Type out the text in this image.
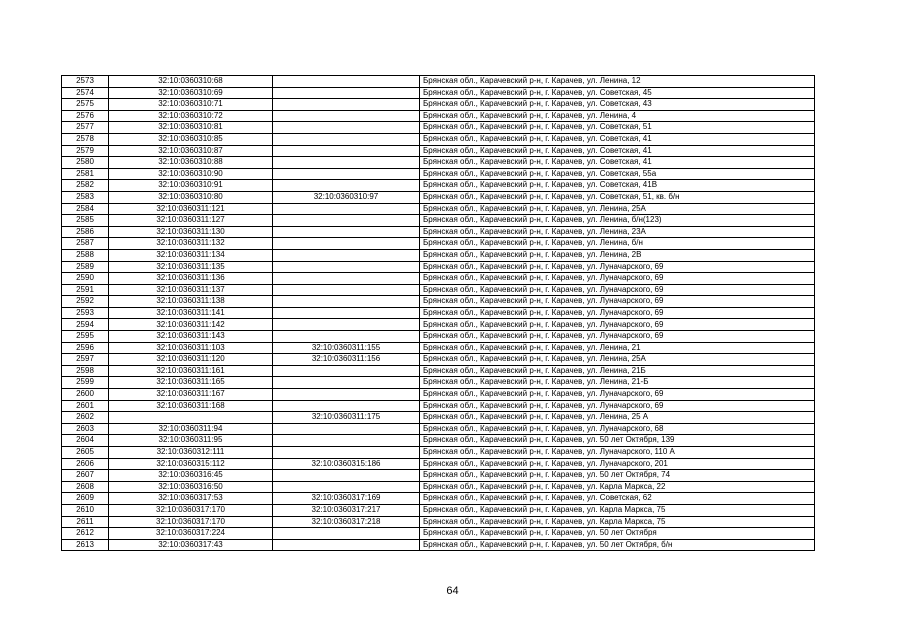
2573	32:10:0360310:68		Брянская обл., Карачевский р-н, г. Карачев, ул. Ленина, 12
2574	32:10:0360310:69		Брянская обл., Карачевский р-н, г. Карачев, ул. Советская, 45
2575	32:10:0360310:71		Брянская обл., Карачевский р-н, г. Карачев, ул. Советская, 43
2576	32:10:0360310:72		Брянская обл., Карачевский р-н, г. Карачев, ул. Ленина, 4
2577	32:10:0360310:81		Брянская обл., Карачевский р-н, г. Карачев, ул. Советская, 51
2578	32:10:0360310:85		Брянская обл., Карачевский р-н, г. Карачев, ул. Советская, 41
2579	32:10:0360310:87		Брянская обл., Карачевский р-н, г. Карачев, ул. Советская, 41
2580	32:10:0360310:88		Брянская обл., Карачевский р-н, г. Карачев, ул. Советская, 41
2581	32:10:0360310:90		Брянская обл., Карачевский р-н, г. Карачев, ул. Советская, 55а
2582	32:10:0360310:91		Брянская обл., Карачевский р-н, г. Карачев, ул. Советская, 41В
2583	32:10:0360310:80	32:10:0360310:97	Брянская обл., Карачевский р-н, г. Карачев, ул. Советская, 51, кв. б/н
2584	32:10:0360311:121		Брянская обл., Карачевский р-н, г. Карачев, ул. Ленина, 25А
2585	32:10:0360311:127		Брянская обл., Карачевский р-н, г. Карачев, ул. Ленина, б/н(123)
2586	32:10:0360311:130		Брянская обл., Карачевский р-н, г. Карачев, ул. Ленина, 23А
2587	32:10:0360311:132		Брянская обл., Карачевский р-н, г. Карачев, ул. Ленина, б/н
2588	32:10:0360311:134		Брянская обл., Карачевский р-н, г. Карачев, ул. Ленина, 2В
2589	32:10:0360311:135		Брянская обл., Карачевский р-н, г. Карачев, ул. Луначарского, 69
2590	32:10:0360311:136		Брянская обл., Карачевский р-н, г. Карачев, ул. Луначарского, 69
2591	32:10:0360311:137		Брянская обл., Карачевский р-н, г. Карачев, ул. Луначарского, 69
2592	32:10:0360311:138		Брянская обл., Карачевский р-н, г. Карачев, ул. Луначарского, 69
2593	32:10:0360311:141		Брянская обл., Карачевский р-н, г. Карачев, ул. Луначарского, 69
2594	32:10:0360311:142		Брянская обл., Карачевский р-н, г. Карачев, ул. Луначарского, 69
2595	32:10:0360311:143		Брянская обл., Карачевский р-н, г. Карачев, ул. Луначарского, 69
2596	32:10:0360311:103	32:10:0360311:155	Брянская обл., Карачевский р-н, г. Карачев, ул. Ленина, 21
2597	32:10:0360311:120	32:10:0360311:156	Брянская обл., Карачевский р-н, г. Карачев, ул. Ленина, 25А
2598	32:10:0360311:161		Брянская обл., Карачевский р-н, г. Карачев, ул. Ленина, 21Б
2599	32:10:0360311:165		Брянская обл., Карачевский р-н, г. Карачев, ул. Ленина, 21-Б
2600	32:10:0360311:167		Брянская обл., Карачевский р-н, г. Карачев, ул. Луначарского, 69
2601	32:10:0360311:168		Брянская обл., Карачевский р-н, г. Карачев, ул. Луначарского, 69
2602		32:10:0360311:175	Брянская обл., Карачевский р-н, г. Карачев, ул. Ленина, 25 А
2603	32:10:0360311:94		Брянская обл., Карачевский р-н, г. Карачев, ул. Луначарского, 68
2604	32:10:0360311:95		Брянская обл., Карачевский р-н, г. Карачев, ул. 50 лет Октября, 139
2605	32:10:0360312:111		Брянская обл., Карачевский р-н, г. Карачев, ул. Луначарского, 110 А
2606	32:10:0360315:112	32:10:0360315:186	Брянская обл., Карачевский р-н, г. Карачев, ул. Луначарского, 201
2607	32:10:0360316:45		Брянская обл., Карачевский р-н, г. Карачев, ул. 50 лет Октября, 74
2608	32:10:0360316:50		Брянская обл., Карачевский р-н, г. Карачев, ул. Карла Маркса, 22
2609	32:10:0360317:53	32:10:0360317:169	Брянская обл., Карачевский р-н, г. Карачев, ул. Советская, 62
2610	32:10:0360317:170	32:10:0360317:217	Брянская обл., Карачевский р-н, г. Карачев, ул. Карла Маркса, 75
2611	32:10:0360317:170	32:10:0360317:218	Брянская обл., Карачевский р-н, г. Карачев, ул. Карла Маркса, 75
2612	32:10:0360317:224		Брянская обл., Карачевский р-н, г. Карачев, ул. 50 лет Октября
2613	32:10:0360317:43		Брянская обл., Карачевский р-н, г. Карачев, ул. 50 лет Октября, б/н
64
